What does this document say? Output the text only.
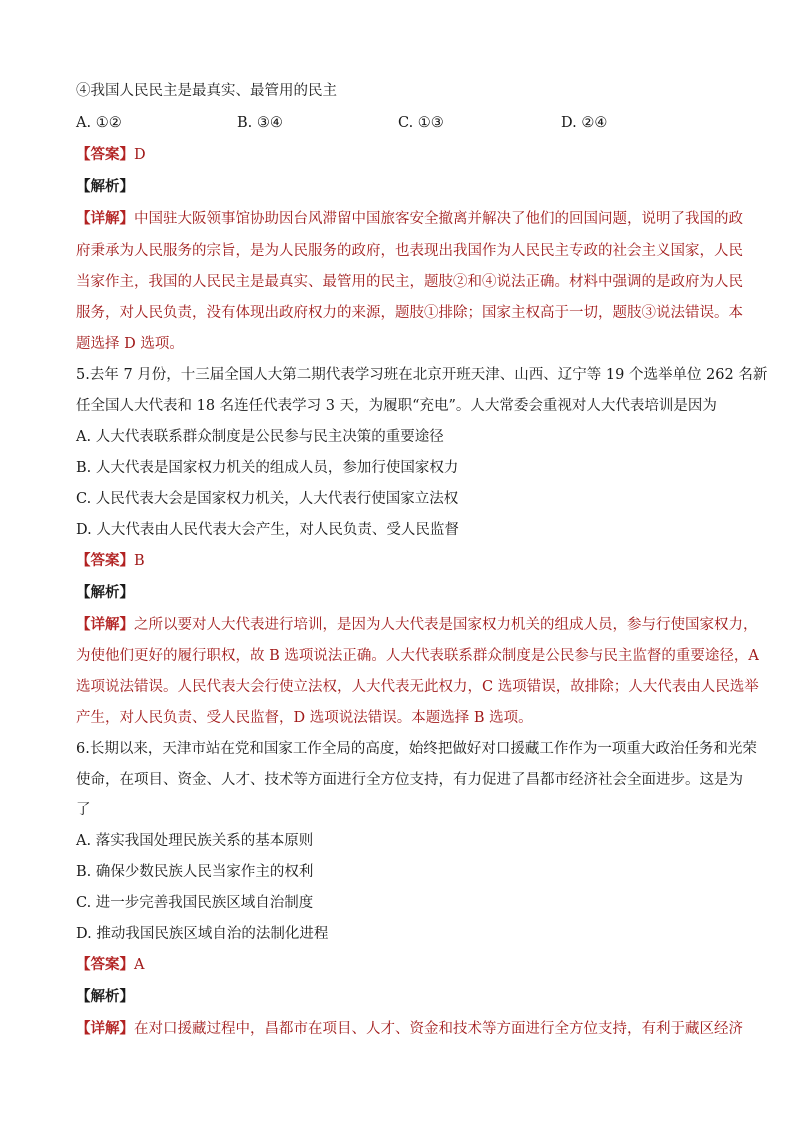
④我国人民民主是最真实、最管用的民主

A. ①②	B. ③④	C. ①③	D. ②④

【答案】D

【解析】

【详解】中国驻大阪领事馆协助因台风滞留中国旅客安全撤离并解决了他们的回国问题，说明了我国的政

府秉承为人民服务的宗旨，是为人民服务的政府，也表现出我国作为人民民主专政的社会主义国家，人民

当家作主，我国的人民民主是最真实、最管用的民主，题肢②和④说法正确。材料中强调的是政府为人民

服务，对人民负责，没有体现出政府权力的来源，题肢①排除；国家主权高于一切，题肢③说法错误。本

题选择 D 选项。

5.去年 7 月份，十三届全国人大第二期代表学习班在北京开班天津、山西、辽宁等 19 个选举单位 262 名新

任全国人大代表和 18 名连任代表学习 3 天，为履职“充电”。人大常委会重视对人大代表培训是因为

A. 人大代表联系群众制度是公民参与民主决策的重要途径

B. 人大代表是国家权力机关的组成人员，参加行使国家权力

C. 人民代表大会是国家权力机关，人大代表行使国家立法权

D. 人大代表由人民代表大会产生，对人民负责、受人民监督

【答案】B

【解析】

【详解】之所以要对人大代表进行培训，是因为人大代表是国家权力机关的组成人员，参与行使国家权力，

为使他们更好的履行职权，故 B 选项说法正确。人大代表联系群众制度是公民参与民主监督的重要途径，A

选项说法错误。人民代表大会行使立法权，人大代表无此权力，C 选项错误，故排除；人大代表由人民选举

产生，对人民负责、受人民监督，D 选项说法错误。本题选择 B 选项。

6.长期以来，天津市站在党和国家工作全局的高度，始终把做好对口援藏工作作为一项重大政治任务和光荣

使命，在项目、资金、人才、技术等方面进行全方位支持，有力促进了昌都市经济社会全面进步。这是为

了

A. 落实我国处理民族关系的基本原则

B. 确保少数民族人民当家作主的权利

C. 进一步完善我国民族区域自治制度

D. 推动我国民族区域自治的法制化进程

【答案】A

【解析】

【详解】在对口援藏过程中，昌都市在项目、人才、资金和技术等方面进行全方位支持，有利于藏区经济
